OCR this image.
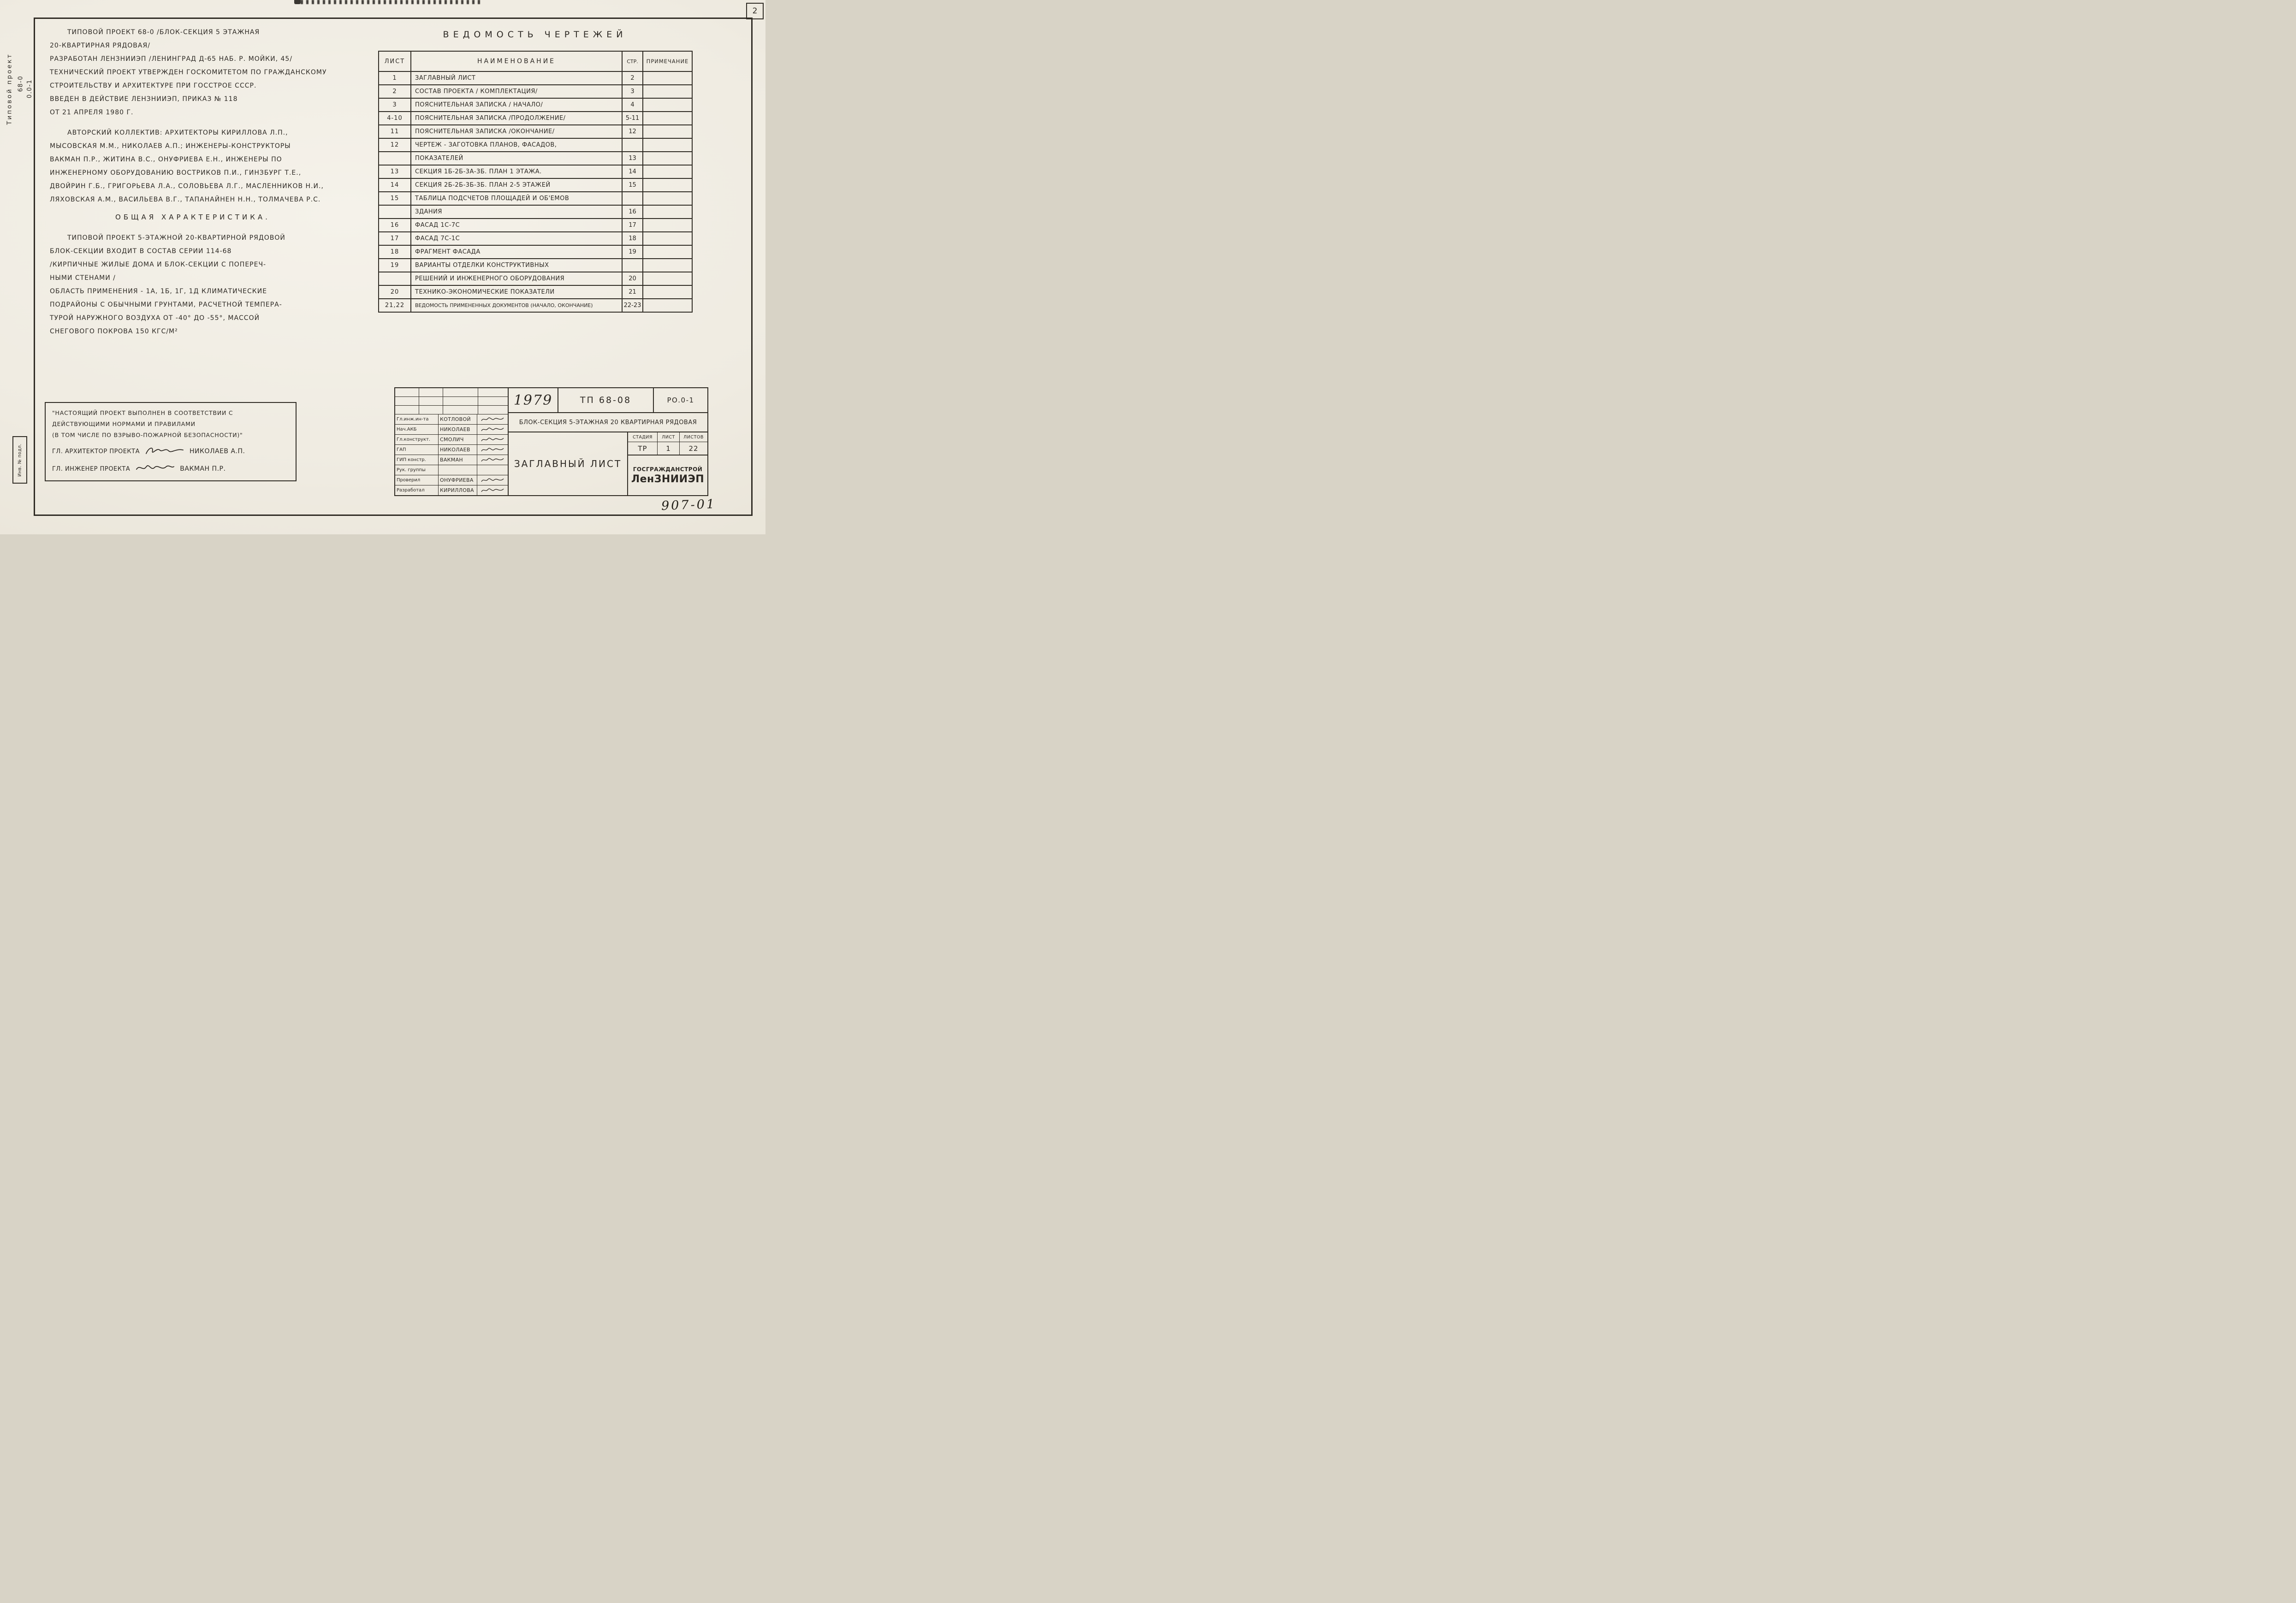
2
Типовой проект 68-0 0.0-1
Инв. № подл.
ТИПОВОЙ ПРОЕКТ 68-0 /БЛОК-СЕКЦИЯ 5 ЭТАЖНАЯ
20-КВАРТИРНАЯ РЯДОВАЯ/
РАЗРАБОТАН ЛЕНЗНИИЭП /ЛЕНИНГРАД Д-65 НАБ. Р. МОЙКИ, 45/
ТЕХНИЧЕСКИЙ ПРОЕКТ УТВЕРЖДЕН ГОСКОМИТЕТОМ ПО ГРАЖДАНСКОМУ
СТРОИТЕЛЬСТВУ И АРХИТЕКТУРЕ ПРИ ГОССТРОЕ СССР.
ВВЕДЕН В ДЕЙСТВИЕ ЛЕНЗНИИЭП, ПРИКАЗ № 118
ОТ 21 АПРЕЛЯ 1980 Г.
АВТОРСКИЙ КОЛЛЕКТИВ: АРХИТЕКТОРЫ КИРИЛЛОВА Л.П.,
МЫСОВСКАЯ М.М., НИКОЛАЕВ А.П.; ИНЖЕНЕРЫ-КОНСТРУКТОРЫ
ВАКМАН П.Р., ЖИТИНА В.С., ОНУФРИЕВА Е.Н., ИНЖЕНЕРЫ ПО
ИНЖЕНЕРНОМУ ОБОРУДОВАНИЮ ВОСТРИКОВ П.И., ГИНЗБУРГ Т.Е.,
ДВОЙРИН Г.Б., ГРИГОРЬЕВА Л.А., СОЛОВЬЕВА Л.Г., МАСЛЕННИКОВ Н.И.,
ЛЯХОВСКАЯ А.М., ВАСИЛЬЕВА В.Г., ТАПАНАЙНЕН Н.Н., ТОЛМАЧЕВА Р.С.
ОБЩАЯ ХАРАКТЕРИСТИКА.
ТИПОВОЙ ПРОЕКТ 5-ЭТАЖНОЙ 20-КВАРТИРНОЙ РЯДОВОЙ
БЛОК-СЕКЦИИ ВХОДИТ В СОСТАВ СЕРИИ 114-68
/КИРПИЧНЫЕ ЖИЛЫЕ ДОМА И БЛОК-СЕКЦИИ С ПОПЕРЕЧ-
НЫМИ СТЕНАМИ /
ОБЛАСТЬ ПРИМЕНЕНИЯ - 1А, 1Б, 1Г, 1Д КЛИМАТИЧЕСКИЕ
ПОДРАЙОНЫ С ОБЫЧНЫМИ ГРУНТАМИ, РАСЧЕТНОЙ ТЕМПЕРА-
ТУРОЙ НАРУЖНОГО ВОЗДУХА ОТ -40° ДО -55°, МАССОЙ
СНЕГОВОГО ПОКРОВА 150 КГС/М²
ВЕДОМОСТЬ ЧЕРТЕЖЕЙ
ЛИСТ	НАИМЕНОВАНИЕ	СТР.	ПРИМЕЧАНИЕ
1	ЗАГЛАВНЫЙ ЛИСТ	2	
2	СОСТАВ ПРОЕКТА / КОМПЛЕКТАЦИЯ/	3	
3	ПОЯСНИТЕЛЬНАЯ ЗАПИСКА / НАЧАЛО/	4	
4-10	ПОЯСНИТЕЛЬНАЯ ЗАПИСКА /ПРОДОЛЖЕНИЕ/	5-11	
11	ПОЯСНИТЕЛЬНАЯ ЗАПИСКА /ОКОНЧАНИЕ/	12	
12	ЧЕРТЕЖ - ЗАГОТОВКА ПЛАНОВ, ФАСАДОВ,		
	ПОКАЗАТЕЛЕЙ	13	
13	СЕКЦИЯ 1Б-2Б-3А-3Б. ПЛАН 1 ЭТАЖА.	14	
14	СЕКЦИЯ 2Б-2Б-3Б-3Б. ПЛАН 2-5 ЭТАЖЕЙ	15	
15	ТАБЛИЦА ПОДСЧЕТОВ ПЛОЩАДЕЙ И ОБ'ЕМОВ		
	ЗДАНИЯ	16	
16	ФАСАД 1С-7С	17	
17	ФАСАД 7С-1С	18	
18	ФРАГМЕНТ ФАСАДА	19	
19	ВАРИАНТЫ ОТДЕЛКИ КОНСТРУКТИВНЫХ		
	РЕШЕНИЙ И ИНЖЕНЕРНОГО ОБОРУДОВАНИЯ	20	
20	ТЕХНИКО-ЭКОНОМИЧЕСКИЕ ПОКАЗАТЕЛИ	21	
21,22	ВЕДОМОСТЬ ПРИМЕНЕННЫХ ДОКУМЕНТОВ (НАЧАЛО, ОКОНЧАНИЕ)	22-23	
"НАСТОЯЩИЙ ПРОЕКТ ВЫПОЛНЕН В СООТВЕТСТВИИ С
ДЕЙСТВУЮЩИМИ НОРМАМИ И ПРАВИЛАМИ
(В ТОМ ЧИСЛЕ ПО ВЗРЫВО-ПОЖАРНОЙ БЕЗОПАСНОСТИ)"
ГЛ. АРХИТЕКТОР ПРОЕКТА	НИКОЛАЕВ А.П.
ГЛ. ИНЖЕНЕР ПРОЕКТА	ВАКМАН П.Р.
Гл.инж.ин-та	КОТЛОВОЙ
Нач.АКБ	НИКОЛАЕВ
Гл.конструкт.	СМОЛИЧ
ГАП	НИКОЛАЕВ
ГИП констр.	ВАКМАН
Рук. группы
Проверил	ОНУФРИЕВА
Разработал	КИРИЛЛОВА
1979	ТП 68-08	РО.0-1
БЛОК-СЕКЦИЯ 5-ЭТАЖНАЯ 20 КВАРТИРНАЯ РЯДОВАЯ
ЗАГЛАВНЫЙ ЛИСТ
СТАДИЯ	ЛИСТ	ЛИСТОВ
ТР	1	22
ГОСГРАЖДАНСТРОЙ
ЛенЗНИИЭП
907-01
